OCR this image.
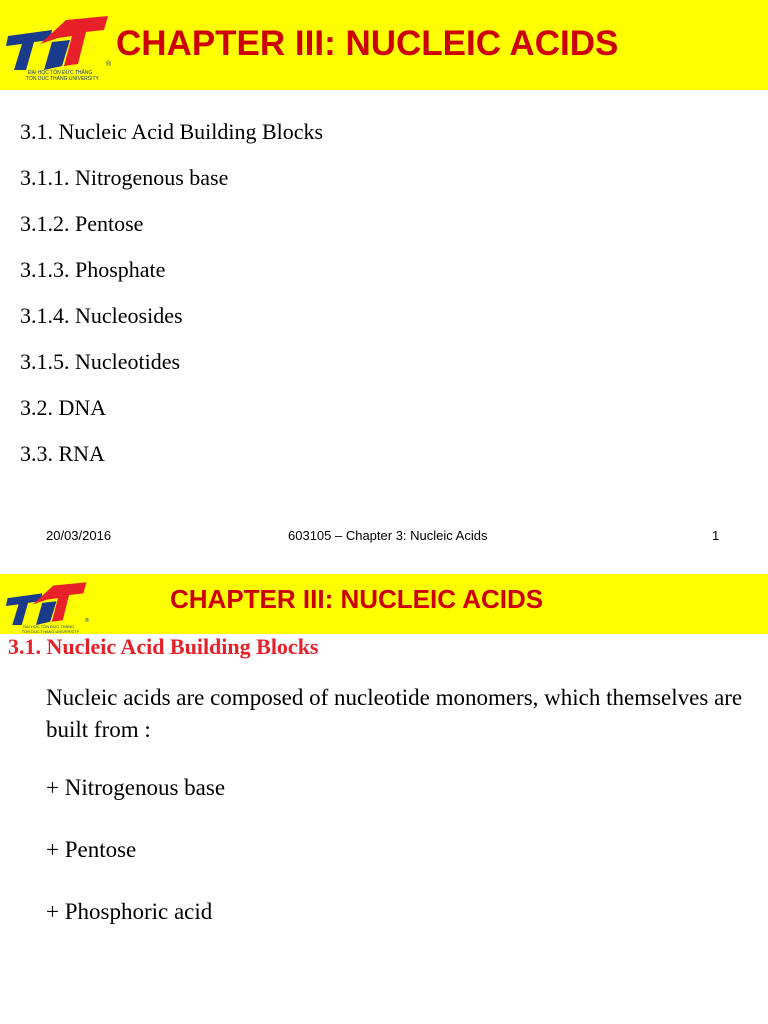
ĐẠI HỌC TÔN ĐỨC THẮNG
TON DUC THANG UNIVERSITY
®
CHAPTER III: NUCLEIC ACIDS
3.1. Nucleic Acid Building Blocks
3.1.1. Nitrogenous base
3.1.2. Pentose
3.1.3. Phosphate
3.1.4. Nucleosides
3.1.5. Nucleotides
3.2. DNA
3.3. RNA
20/03/2016	603105 – Chapter 3: Nucleic Acids	1
ĐẠI HỌC TÔN ĐỨC THẮNG
TON DUC THANG UNIVERSITY
®
CHAPTER III: NUCLEIC ACIDS
3.1. Nucleic Acid Building Blocks
Nucleic acids are composed of nucleotide monomers, which themselves are built from :
+ Nitrogenous base
+ Pentose
+ Phosphoric acid
